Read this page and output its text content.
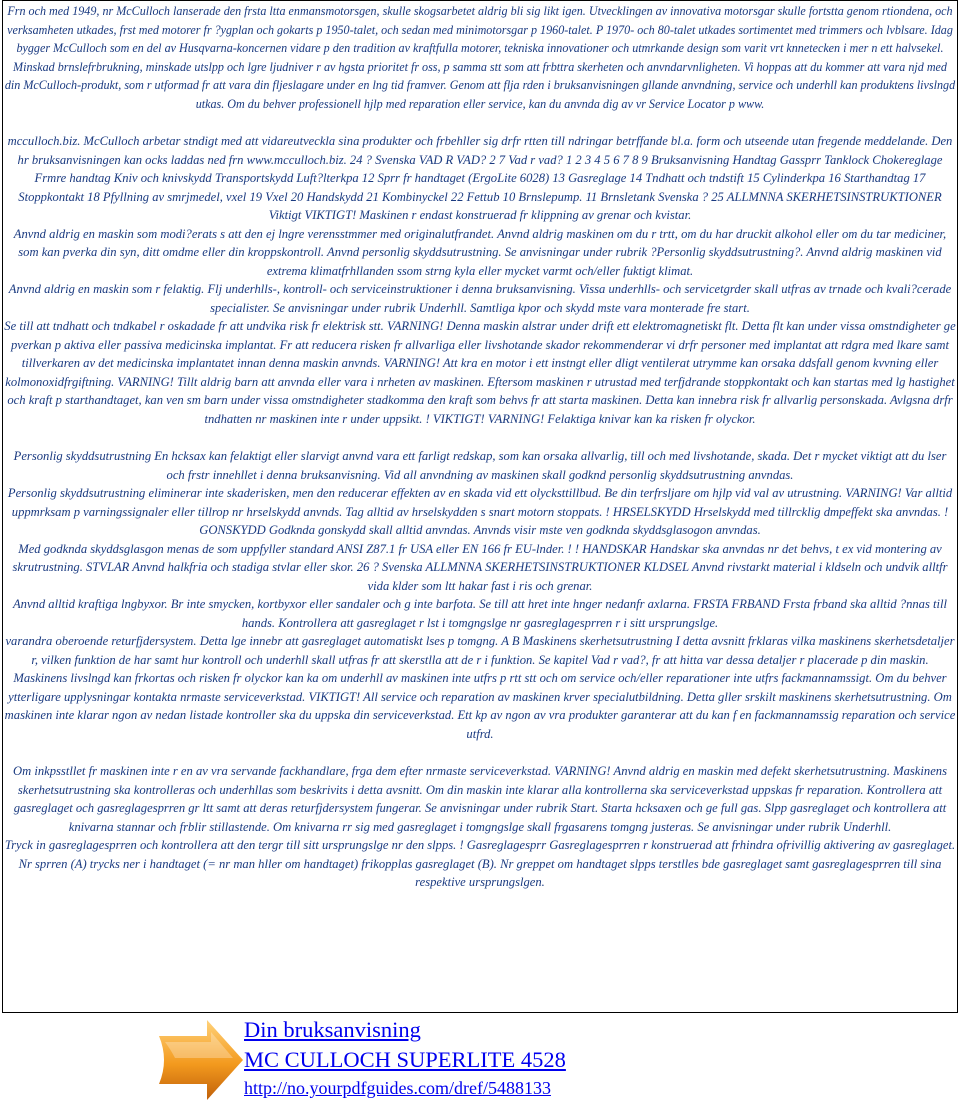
Frn och med 1949, nr McCulloch lanserade den frsta ltta enmansmotorsgen, skulle skogsarbetet aldrig bli sig likt igen. Utvecklingen av innovativa motorsgar skulle fortstta genom rtiondena, och verksamheten utkades, frst med motorer fr ?ygplan och gokarts p 1950-talet, och sedan med minimotorsgar p 1960-talet. P 1970- och 80-talet utkades sortimentet med trimmers och lvblsare. Idag bygger McCulloch som en del av Husqvarna-koncernen vidare p den tradition av kraftfulla motorer, tekniska innovationer och utmrkande design som varit vrt knnetecken i mer n ett halvsekel. Minskad brnslefrbrukning, minskade utslpp och lgre ljudniver r av hgsta prioritet fr oss, p samma stt som att frbttra skerheten och anvndarvnligheten. Vi hoppas att du kommer att vara njd med din McCulloch-produkt, som r utformad fr att vara din fljeslagare under en lng tid framver. Genom att flja rden i bruksanvisningen gllande anvndning, service och underhll kan produktens livslngd utkas. Om du behver professionell hjlp med reparation eller service, kan du anvnda dig av vr Service Locator p www.

mcculloch.biz. McCulloch arbetar stndigt med att vidareutveckla sina produkter och frbehller sig drfr rtten till ndringar betrffande bl.a. form och utseende utan fregende meddelande. Den hr bruksanvisningen kan ocks laddas ned frn www.mcculloch.biz. 24 ? Svenska VAD R VAD? 2 7 Vad r vad? 1 2 3 4 5 6 7 8 9 Bruksanvisning Handtag Gassprr Tanklock Chokereglage Frmre handtag Kniv och knivskydd Transportskydd Luft?lterkpa 12 Sprr fr handtaget (ErgoLite 6028) 13 Gasreglage 14 Tndhatt och tndstift 15 Cylinderkpa 16 Starthandtag 17 Stoppkontakt 18 Pfyllning av smrjmedel, vxel 19 Vxel 20 Handskydd 21 Kombinyckel 22 Fettub 10 Brnslepump. 11 Brnsletank Svenska ? 25 ALLMNNA SKERHETSINSTRUKTIONER Viktigt VIKTIGT! Maskinen r endast konstruerad fr klippning av grenar och kvistar.

Anvnd aldrig en maskin som modi?erats s att den ej lngre verensstmmer med originalutfrandet. Anvnd aldrig maskinen om du r trtt, om du har druckit alkohol eller om du tar mediciner, som kan pverka din syn, ditt omdme eller din kroppskontroll. Anvnd personlig skyddsutrustning. Se anvisningar under rubrik ?Personlig skyddsutrustning?. Anvnd aldrig maskinen vid extrema klimatfrhllanden ssom strng kyla eller mycket varmt och/eller fuktigt klimat.

Anvnd aldrig en maskin som r felaktig. Flj underhlls-, kontroll- och serviceinstruktioner i denna bruksanvisning. Vissa underhlls- och servicetgrder skall utfras av trnade och kvali?cerade specialister. Se anvisningar under rubrik Underhll. Samtliga kpor och skydd mste vara monterade fre start.

Se till att tndhatt och tndkabel r oskadade fr att undvika risk fr elektrisk stt. VARNING! Denna maskin alstrar under drift ett elektromagnetiskt flt. Detta flt kan under vissa omstndigheter ge pverkan p aktiva eller passiva medicinska implantat. Fr att reducera risken fr allvarliga eller livshotande skador rekommenderar vi drfr personer med implantat att rdgra med lkare samt tillverkaren av det medicinska implantatet innan denna maskin anvnds. VARNING! Att kra en motor i ett instngt eller dligt ventilerat utrymme kan orsaka ddsfall genom kvvning eller kolmonoxidfrgiftning. VARNING! Tillt aldrig barn att anvnda eller vara i nrheten av maskinen. Eftersom maskinen r utrustad med terfjdrande stoppkontakt och kan startas med lg hastighet och kraft p starthandtaget, kan ven sm barn under vissa omstndigheter stadkomma den kraft som behvs fr att starta maskinen. Detta kan innebra risk fr allvarlig personskada. Avlgsna drfr tndhatten nr maskinen inte r under uppsikt. ! VIKTIGT! VARNING! Felaktiga knivar kan ka risken fr olyckor.

Personlig skyddsutrustning En hcksax kan felaktigt eller slarvigt anvnd vara ett farligt redskap, som kan orsaka allvarlig, till och med livshotande, skada. Det r mycket viktigt att du lser och frstr innehllet i denna bruksanvisning. Vid all anvndning av maskinen skall godknd personlig skyddsutrustning anvndas.

Personlig skyddsutrustning eliminerar inte skaderisken, men den reducerar effekten av en skada vid ett olycksttillbud. Be din terfrsljare om hjlp vid val av utrustning. VARNING! Var alltid uppmrksam p varningssignaler eller tillrop nr hrselskydd anvnds. Tag alltid av hrselskydden s snart motorn stoppats. ! HRSELSKYDD Hrselskydd med tillrcklig dmpeffekt ska anvndas. ! GONSKYDD Godknda gonskydd skall alltid anvndas. Anvnds visir mste ven godknda skyddsglasogon anvndas.

Med godknda skyddsglasgon menas de som uppfyller standard ANSI Z87.1 fr USA eller EN 166 fr EU-lnder. ! ! HANDSKAR Handskar ska anvndas nr det behvs, t ex vid montering av skrutrustning. STVLAR Anvnd halkfria och stadiga stvlar eller skor. 26 ? Svenska ALLMNNA SKERHETSINSTRUKTIONER KLDSEL Anvnd rivstarkt material i kldseln och undvik alltfr vida klder som ltt hakar fast i ris och grenar.

Anvnd alltid kraftiga lngbyxor. Br inte smycken, kortbyxor eller sandaler och g inte barfota. Se till att hret inte hnger nedanfr axlarna. FRSTA FRBAND Frsta frband ska alltid ?nnas till hands. Kontrollera att gasreglaget r lst i tomgngslge nr gasreglagesprren r i sitt ursprungslge.

varandra oberoende returfjdersystem. Detta lge innebr att gasreglaget automatiskt lses p tomgng. A B Maskinens skerhetsutrustning I detta avsnitt frklaras vilka maskinens skerhetsdetaljer r, vilken funktion de har samt hur kontroll och underhll skall utfras fr att skerstlla att de r i funktion. Se kapitel Vad r vad?, fr att hitta var dessa detaljer r placerade p din maskin. Maskinens livslngd kan frkortas och risken fr olyckor kan ka om underhll av maskinen inte utfrs p rtt stt och om service och/eller reparationer inte utfrs fackmannamssigt. Om du behver ytterligare upplysningar kontakta nrmaste serviceverkstad. VIKTIGT! All service och reparation av maskinen krver specialutbildning. Detta gller srskilt maskinens skerhetsutrustning. Om maskinen inte klarar ngon av nedan listade kontroller ska du uppska din serviceverkstad. Ett kp av ngon av vra produkter garanterar att du kan f en fackmannamssig reparation och service utfrd.

Om inkpsstllet fr maskinen inte r en av vra servande fackhandlare, frga dem efter nrmaste serviceverkstad. VARNING! Anvnd aldrig en maskin med defekt skerhetsutrustning. Maskinens skerhetsutrustning ska kontrolleras och underhllas som beskrivits i detta avsnitt. Om din maskin inte klarar alla kontrollerna ska serviceverkstad uppskas fr reparation. Kontrollera att gasreglaget och gasreglagesprren gr ltt samt att deras returfjdersystem fungerar. Se anvisningar under rubrik Start. Starta hcksaxen och ge full gas. Slpp gasreglaget och kontrollera att knivarna stannar och frblir stillastende. Om knivarna rr sig med gasreglaget i tomgngslge skall frgasarens tomgng justeras. Se anvisningar under rubrik Underhll.

Tryck in gasreglagesprren och kontrollera att den tergr till sitt ursprungslge nr den slpps. ! Gasreglagesprr Gasreglagesprren r konstruerad att frhindra ofrivillig aktivering av gasreglaget. Nr sprren (A) trycks ner i handtaget (= nr man hller om handtaget) frikopplas gasreglaget (B). Nr greppet om handtaget slpps terstlles bde gasreglaget samt gasreglagesprren till sina respektive ursprungslgen.

Din bruksanvisning
MC CULLOCH SUPERLITE 4528
http://no.yourpdfguides.com/dref/5488133
